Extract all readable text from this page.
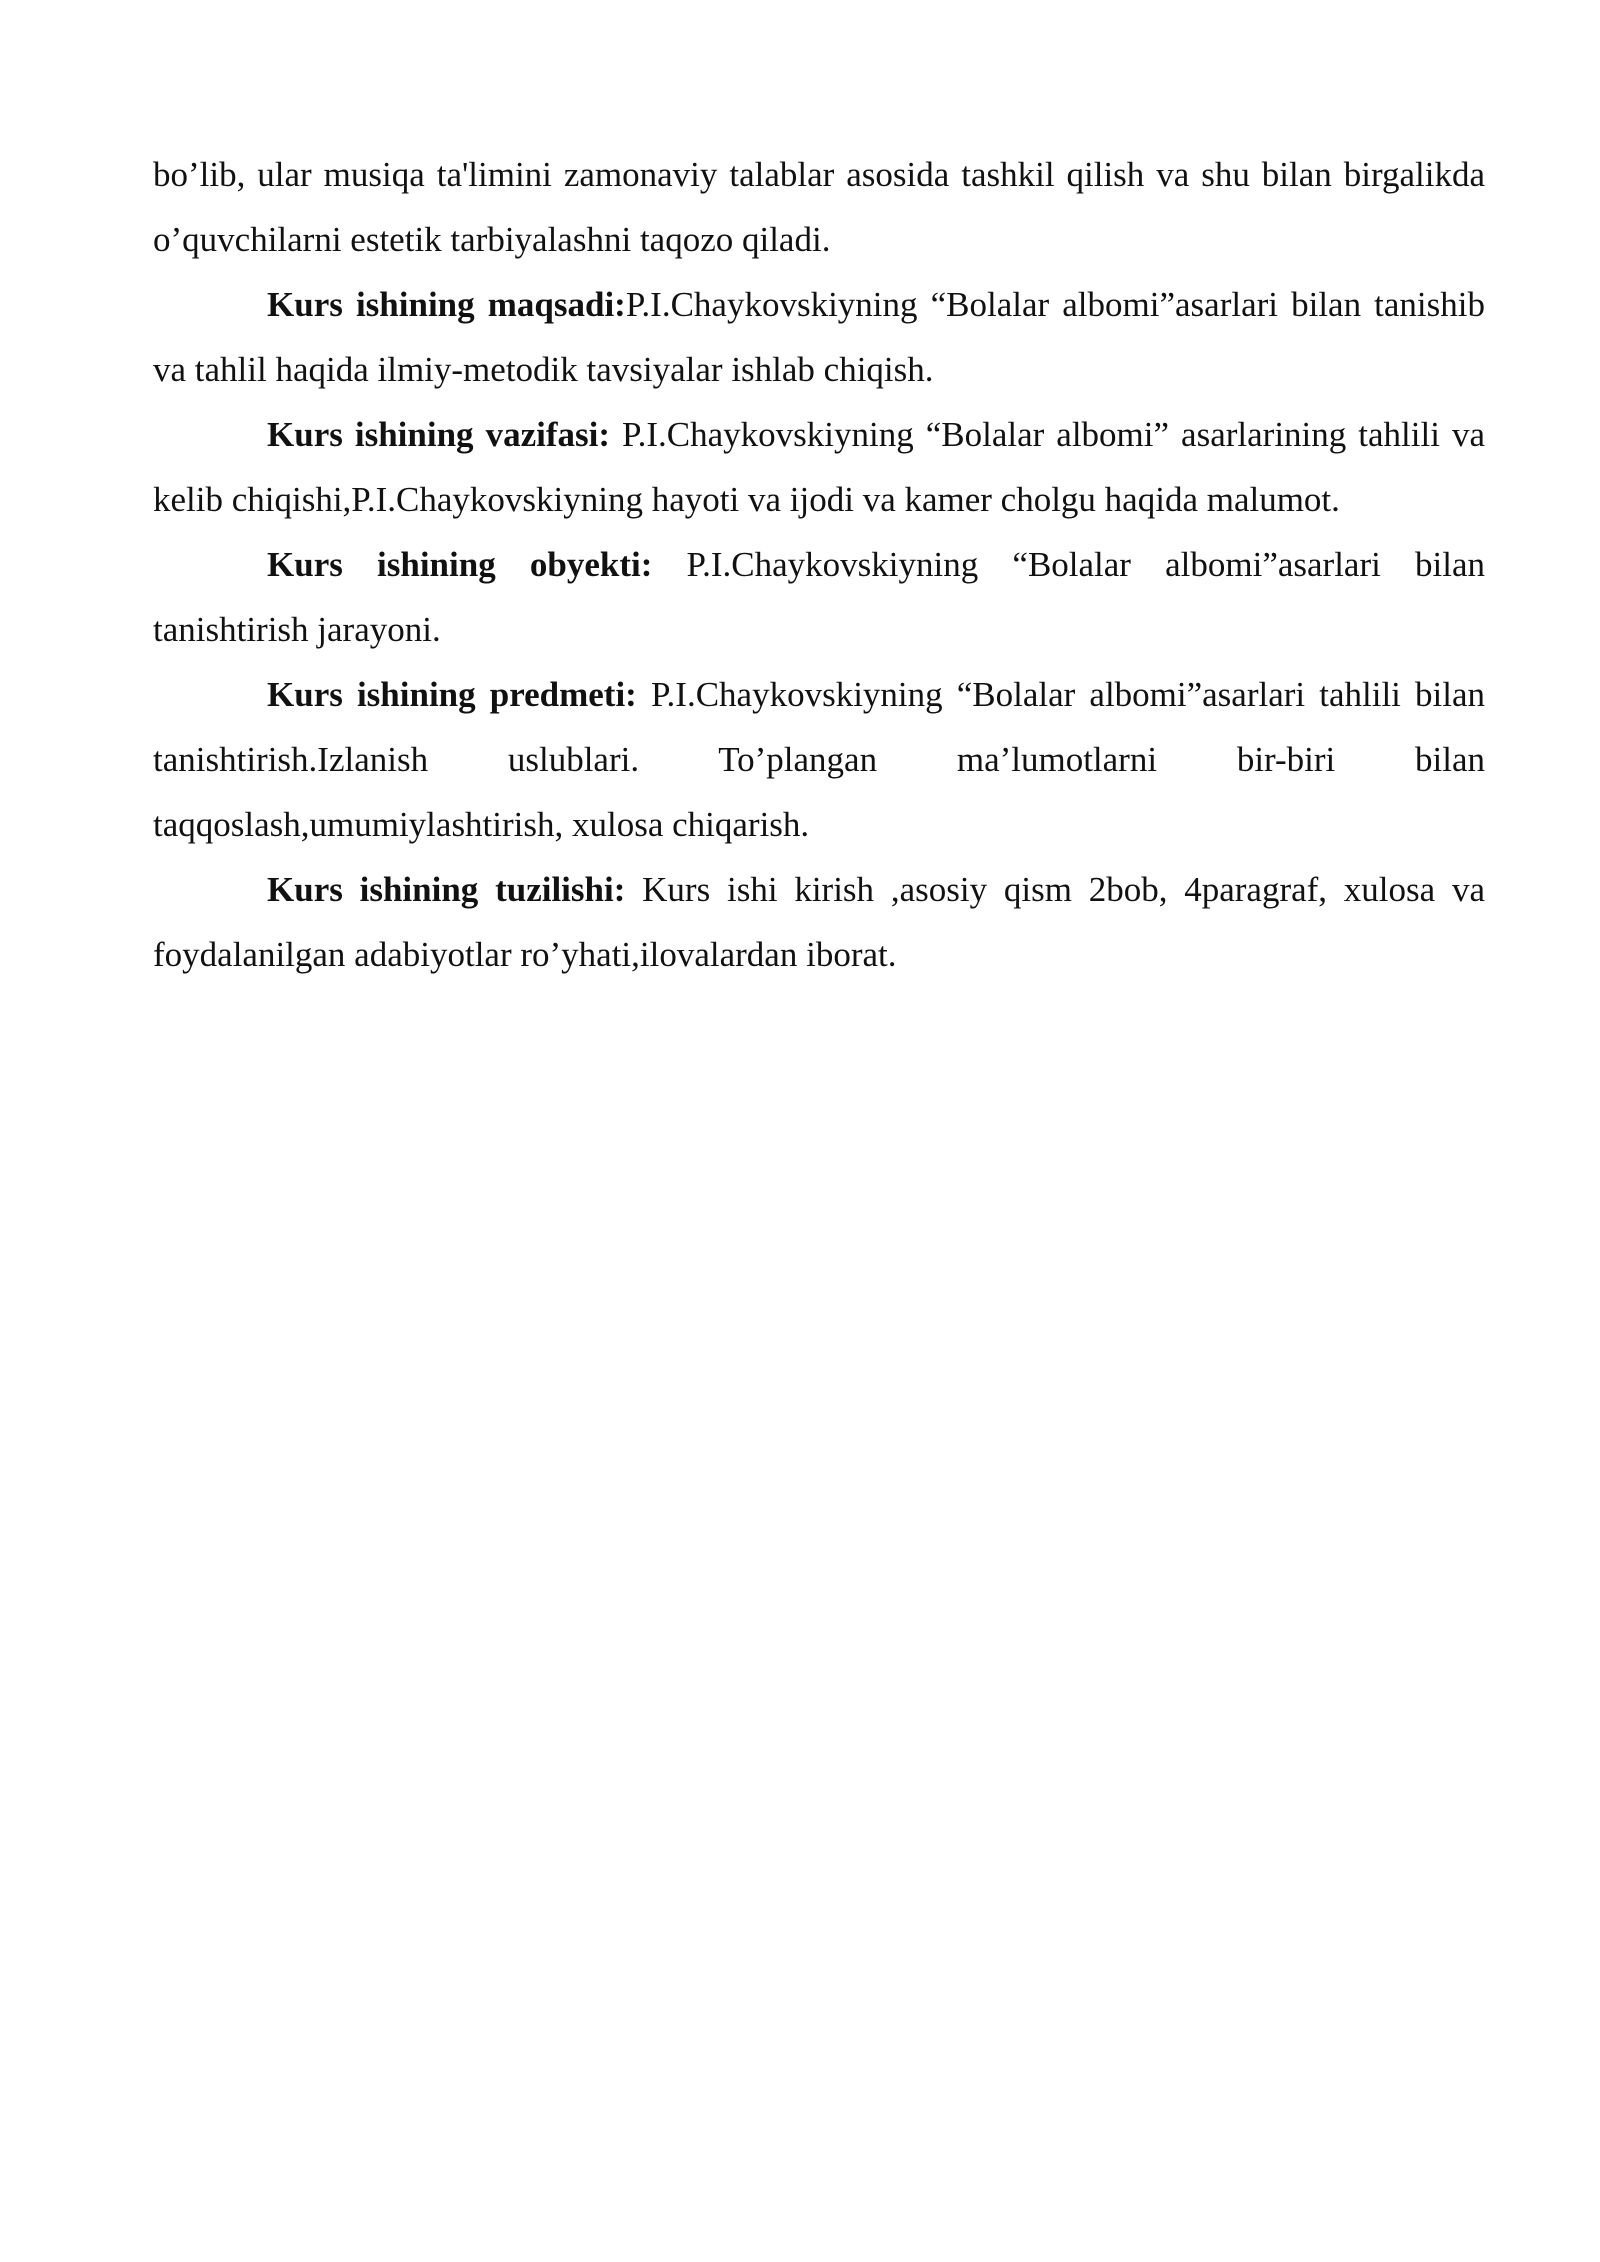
bo’lib, ular musiqa ta'limini zamonaviy talablar asosida tashkil qilish va shu bilan birgalikda o’quvchilarni estetik tarbiyalashni taqozo qiladi.

Kurs ishining maqsadi:P.I.Chaykovskiyning “Bolalar albomi”asarlari bilan tanishib va tahlil haqida ilmiy-metodik tavsiyalar ishlab chiqish.

Kurs ishining vazifasi: P.I.Chaykovskiyning “Bolalar albomi” asarlarining tahlili va kelib chiqishi,P.I.Chaykovskiyning hayoti va ijodi va kamer cholgu haqida malumot.

Kurs ishining obyekti: P.I.Chaykovskiyning “Bolalar albomi”asarlari bilan tanishtirish jarayoni.

Kurs ishining predmeti: P.I.Chaykovskiyning “Bolalar albomi”asarlari tahlili bilan tanishtirish.Izlanish uslublari. To’plangan ma’lumotlarni bir-biri bilan taqqoslash,umumiylashtirish, xulosa chiqarish.

Kurs ishining tuzilishi: Kurs ishi kirish ,asosiy qism 2bob, 4paragraf, xulosa va foydalanilgan adabiyotlar ro’yhati,ilovalardan iborat.
